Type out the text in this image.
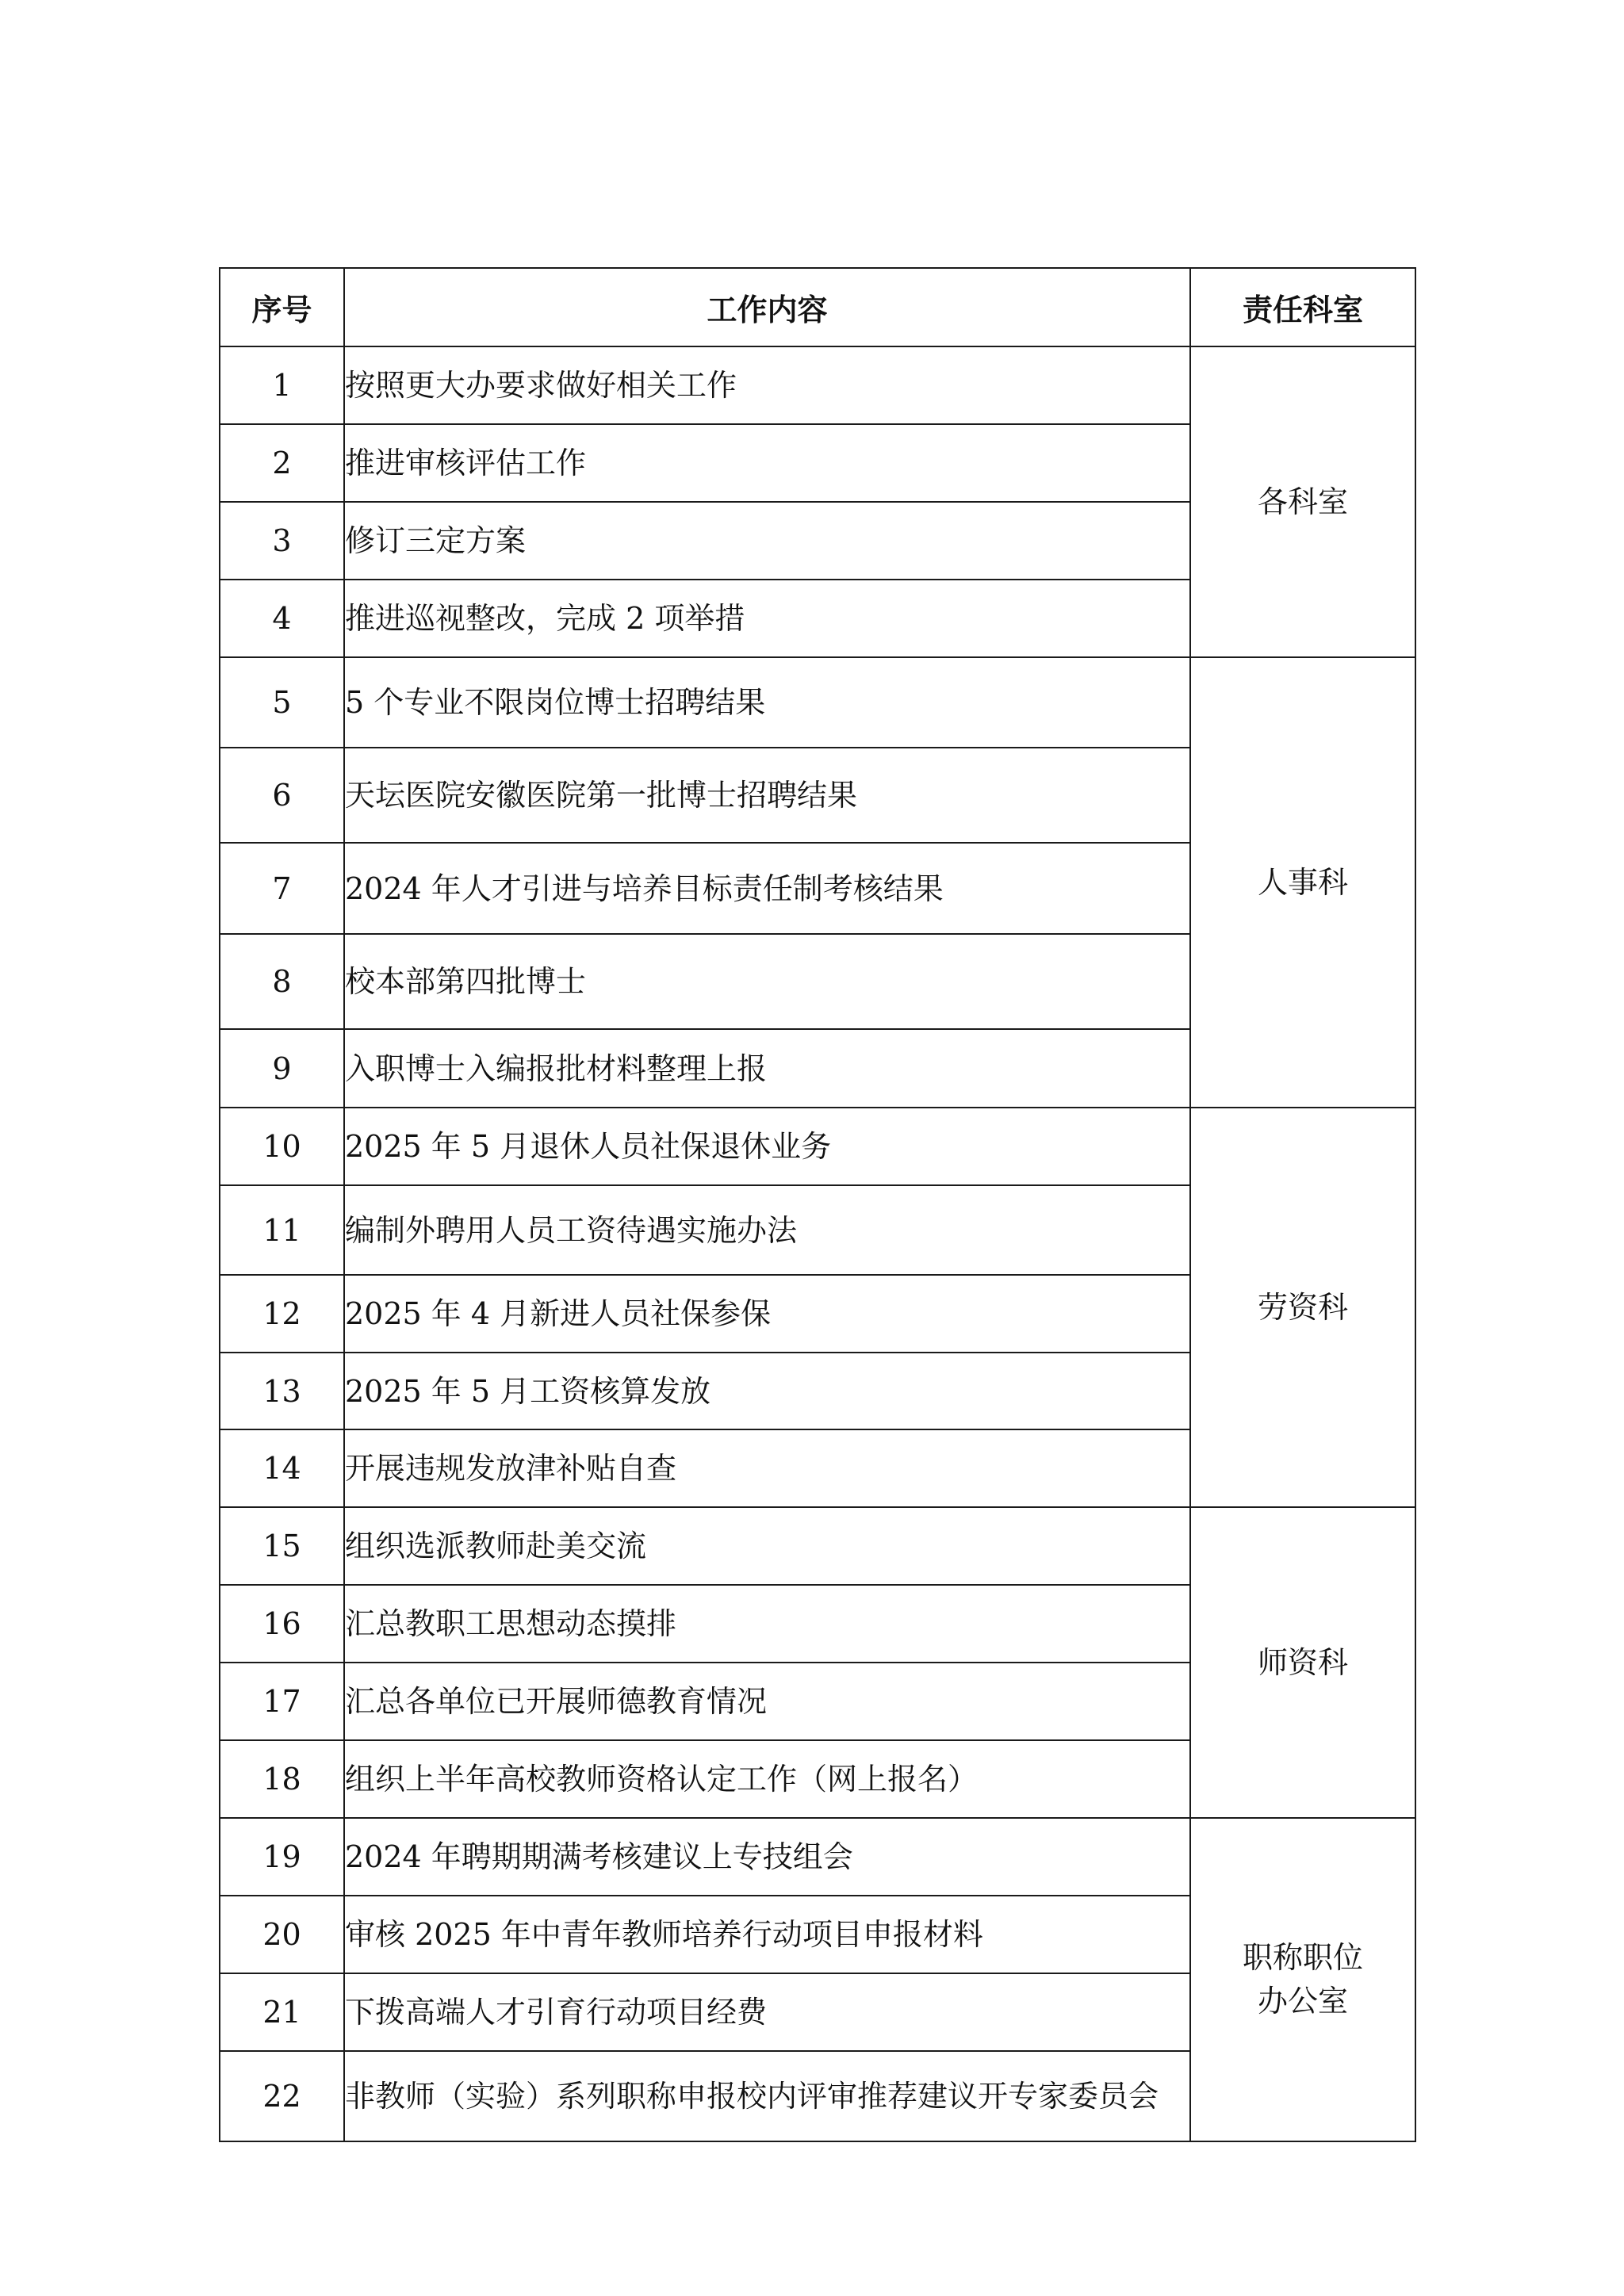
序号	工作内容	责任科室
1	按照更大办要求做好相关工作	各科室
2	推进审核评估工作	
3	修订三定方案	
4	推进巡视整改，完成 2 项举措	
5	5 个专业不限岗位博士招聘结果	人事科
6	天坛医院安徽医院第一批博士招聘结果	
7	2024 年人才引进与培养目标责任制考核结果	
8	校本部第四批博士	
9	入职博士入编报批材料整理上报	
10	2025 年 5 月退休人员社保退休业务	劳资科
11	编制外聘用人员工资待遇实施办法	
12	2025 年 4 月新进人员社保参保	
13	2025 年 5 月工资核算发放	
14	开展违规发放津补贴自查	
15	组织选派教师赴美交流	师资科
16	汇总教职工思想动态摸排	
17	汇总各单位已开展师德教育情况	
18	组织上半年高校教师资格认定工作（网上报名）	
19	2024 年聘期期满考核建议上专技组会	职称职位
办公室
20	审核 2025 年中青年教师培养行动项目申报材料	
21	下拨高端人才引育行动项目经费	
22	非教师（实验）系列职称申报校内评审推荐建议开专家委员会	
